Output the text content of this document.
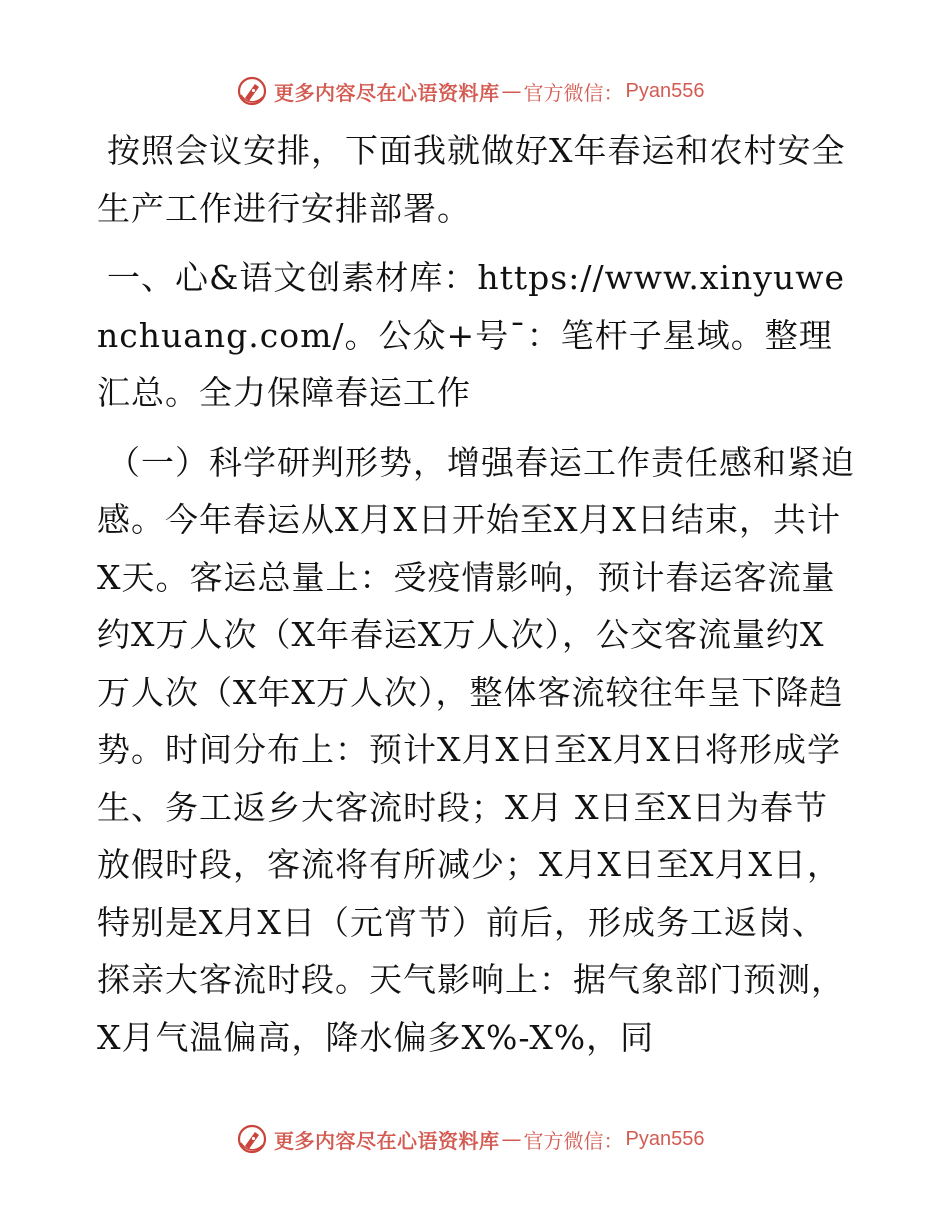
更多内容尽在心语资料库 — 官方微信： Pyan556

按照会议安排，下面我就做好X年春运和农村安全生产工作进行安排部署。

一、心&语文创素材库：https://www.xinyuwenchuang.com/。公众+号¯：笔杆子星域。整理汇总。全力保障春运工作

（一）科学研判形势，增强春运工作责任感和紧迫感。今年春运从X月X日开始至X月X日结束，共计X天。客运总量上：受疫情影响，预计春运客流量约X万人次（X年春运X万人次），公交客流量约X万人次（X年X万人次），整体客流较往年呈下降趋势。时间分布上：预计X月X日至X月X日将形成学生、务工返乡大客流时段；X月 X日至X日为春节放假时段，客流将有所减少；X月X日至X月X日，特别是X月X日（元宵节）前后，形成务工返岗、探亲大客流时段。天气影响上：据气象部门预测，X月气温偏高，降水偏多X%-X%，同

更多内容尽在心语资料库 — 官方微信： Pyan556
